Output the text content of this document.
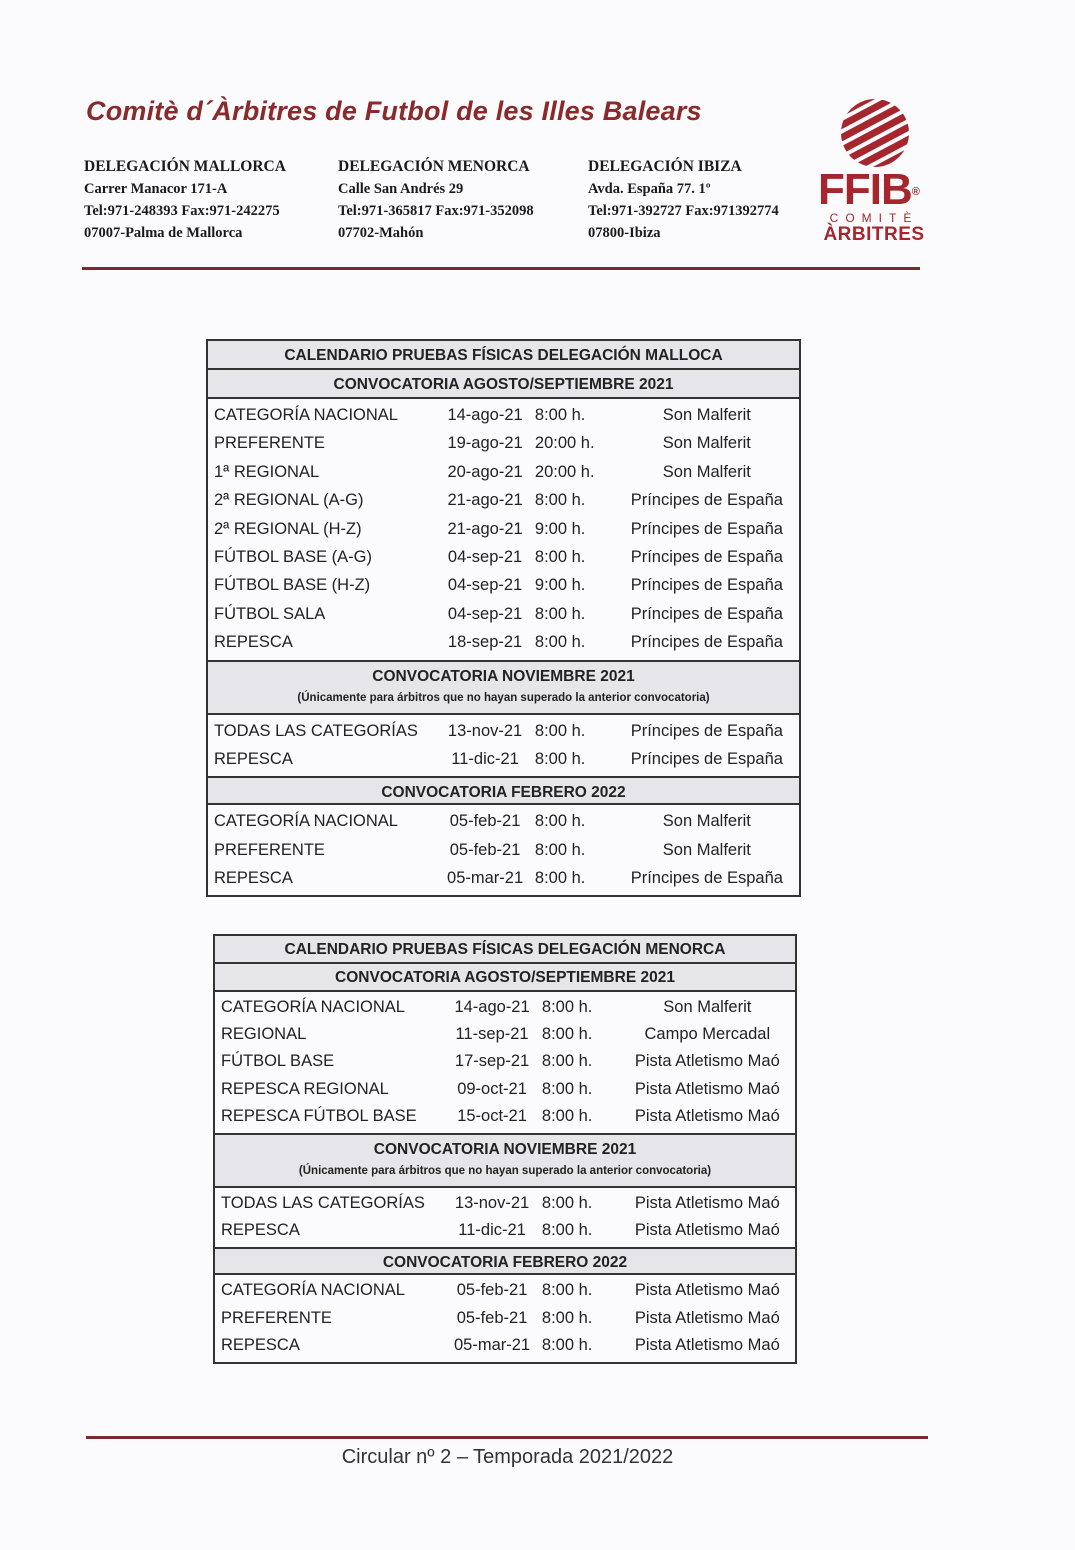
Comitè d´Àrbitres de Futbol de les Illes Balears
DELEGACIÓN MALLORCA
Carrer Manacor 171-A
Tel:971-248393 Fax:971-242275
07007-Palma de Mallorca
DELEGACIÓN MENORCA
Calle San Andrés 29
Tel:971-365817 Fax:971-352098
07702-Mahón
DELEGACIÓN IBIZA
Avda. España 77. 1º
Tel:971-392727 Fax:971392774
07800-Ibiza
FFIB®
COMITÈ
ÀRBITRES
CALENDARIO PRUEBAS FÍSICAS DELEGACIÓN MALLOCA
CONVOCATORIA AGOSTO/SEPTIEMBRE 2021
CATEGORÍA NACIONAL	14-ago-21 8:00 h.	Son Malferit
PREFERENTE	19-ago-21 20:00 h.	Son Malferit
1ª REGIONAL	20-ago-21 20:00 h.	Son Malferit
2ª REGIONAL (A-G)	21-ago-21 8:00 h.	Príncipes de España
2ª REGIONAL (H-Z)	21-ago-21 9:00 h.	Príncipes de España
FÚTBOL BASE (A-G)	04-sep-21 8:00 h.	Príncipes de España
FÚTBOL BASE (H-Z)	04-sep-21 9:00 h.	Príncipes de España
FÚTBOL SALA	04-sep-21 8:00 h.	Príncipes de España
REPESCA	18-sep-21 8:00 h.	Príncipes de España
CONVOCATORIA NOVIEMBRE 2021
(Únicamente para árbitros que no hayan superado la anterior convocatoria)
TODAS LAS CATEGORÍAS	13-nov-21 8:00 h.	Príncipes de España
REPESCA	11-dic-21 8:00 h.	Príncipes de España
CONVOCATORIA FEBRERO 2022
CATEGORÍA NACIONAL	05-feb-21 8:00 h.	Son Malferit
PREFERENTE	05-feb-21 8:00 h.	Son Malferit
REPESCA	05-mar-21 8:00 h.	Príncipes de España
CALENDARIO PRUEBAS FÍSICAS DELEGACIÓN MENORCA
CONVOCATORIA AGOSTO/SEPTIEMBRE 2021
CATEGORÍA NACIONAL	14-ago-21 8:00 h.	Son Malferit
REGIONAL	11-sep-21 8:00 h.	Campo Mercadal
FÚTBOL BASE	17-sep-21 8:00 h.	Pista Atletismo Maó
REPESCA REGIONAL	09-oct-21 8:00 h.	Pista Atletismo Maó
REPESCA FÚTBOL BASE	15-oct-21 8:00 h.	Pista Atletismo Maó
CONVOCATORIA NOVIEMBRE 2021
(Únicamente para árbitros que no hayan superado la anterior convocatoria)
TODAS LAS CATEGORÍAS	13-nov-21 8:00 h.	Pista Atletismo Maó
REPESCA	11-dic-21 8:00 h.	Pista Atletismo Maó
CONVOCATORIA FEBRERO 2022
CATEGORÍA NACIONAL	05-feb-21 8:00 h.	Pista Atletismo Maó
PREFERENTE	05-feb-21 8:00 h.	Pista Atletismo Maó
REPESCA	05-mar-21 8:00 h.	Pista Atletismo Maó
Circular nº 2 – Temporada 2021/2022
